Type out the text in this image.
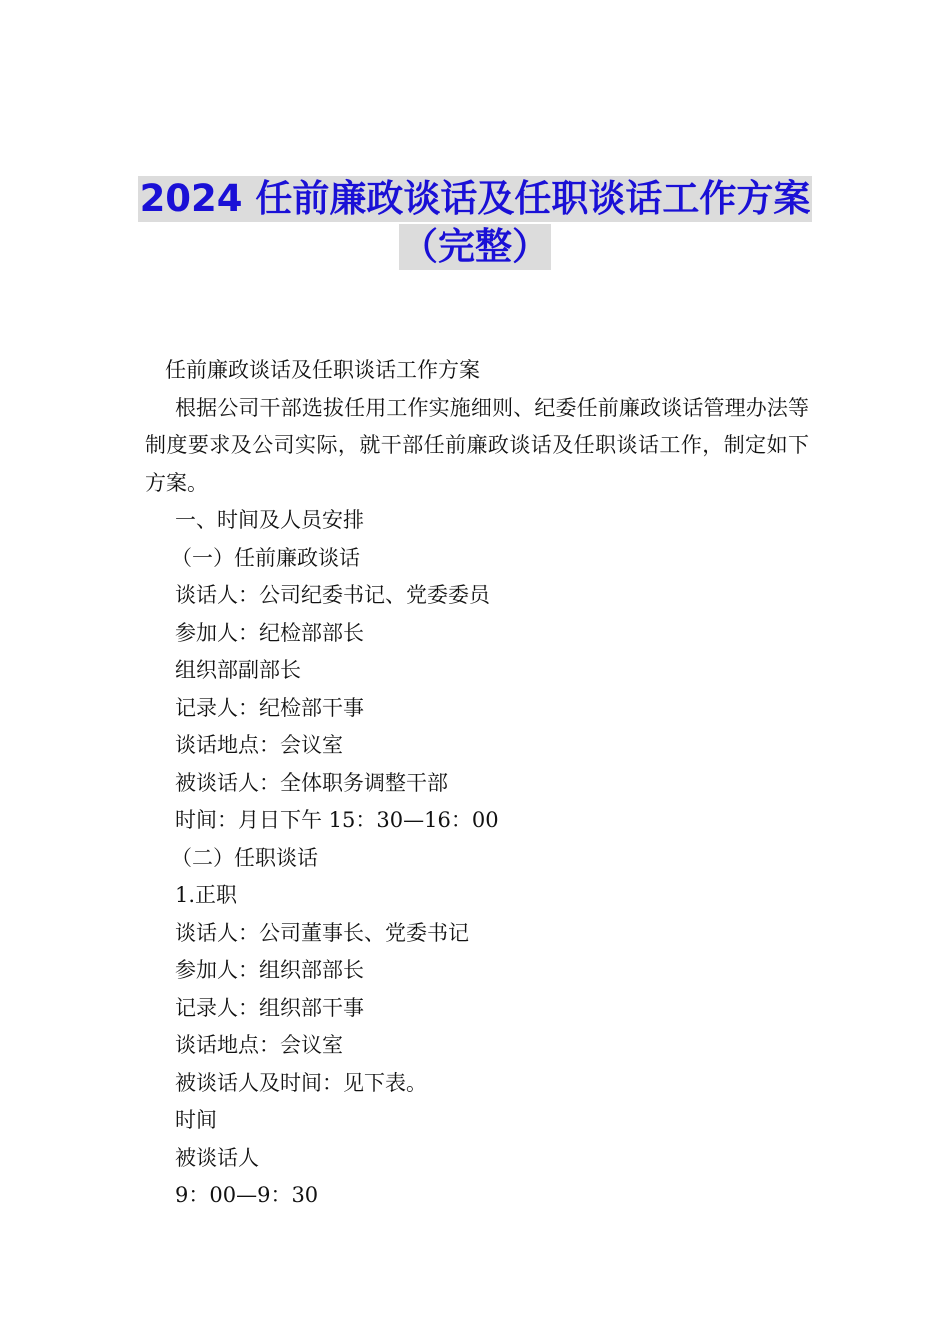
2024 任前廉政谈话及任职谈话工作方案
（完整）

任前廉政谈话及任职谈话工作方案

根据公司干部选拔任用工作实施细则、纪委任前廉政谈话管理办法等制度要求及公司实际，就干部任前廉政谈话及任职谈话工作，制定如下方案。

一、时间及人员安排

（一）任前廉政谈话

谈话人：公司纪委书记、党委委员

参加人：纪检部部长

组织部副部长

记录人：纪检部干事

谈话地点：会议室

被谈话人：全体职务调整干部

时间：月日下午 15：30—16：00

（二）任职谈话

1.正职

谈话人：公司董事长、党委书记

参加人：组织部部长

记录人：组织部干事

谈话地点：会议室

被谈话人及时间：见下表。

时间

被谈话人

9：00—9：30
